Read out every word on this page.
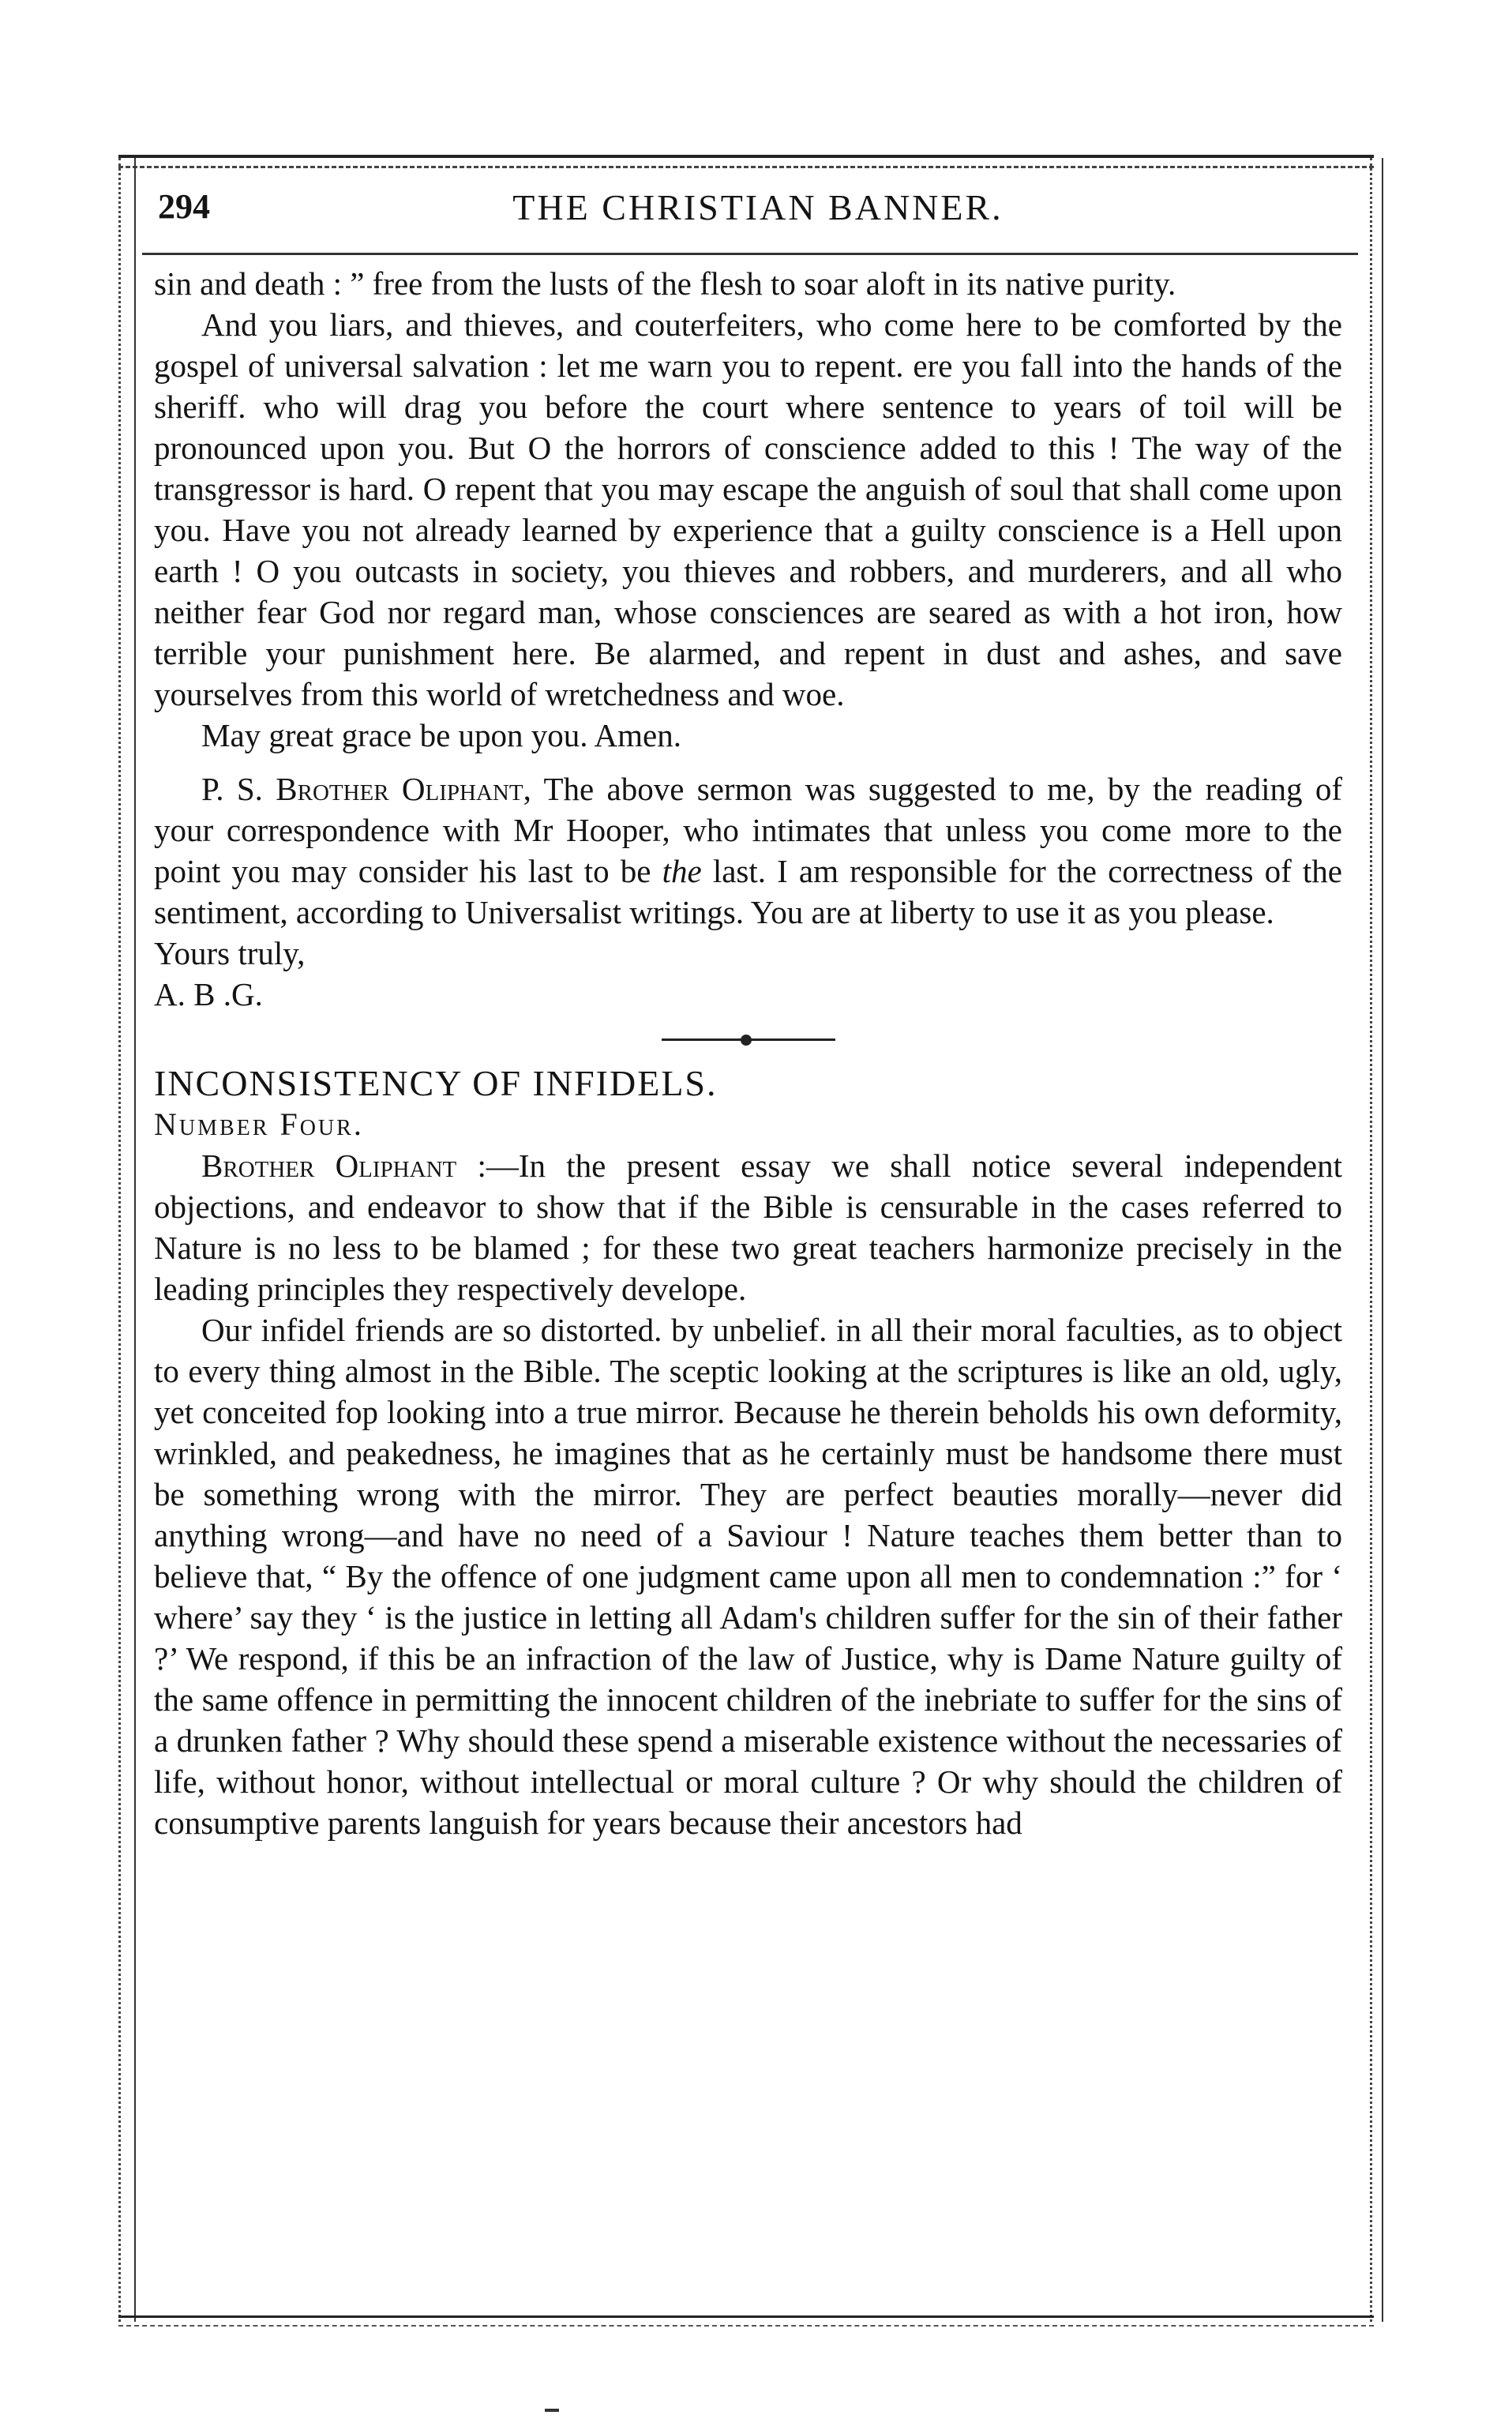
294	THE CHRISTIAN BANNER.

sin and death : ” free from the lusts of the flesh to soar aloft in its native purity.

And you liars, and thieves, and couterfeiters, who come here to be comforted by the gospel of universal salvation : let me warn you to repent. ere you fall into the hands of the sheriff. who will drag you before the court where sentence to years of toil will be pronounced upon you. But O the horrors of conscience added to this ! The way of the transgressor is hard. O repent that you may escape the anguish of soul that shall come upon you. Have you not already learned by experience that a guilty conscience is a Hell upon earth ! O you outcasts in society, you thieves and robbers, and murderers, and all who neither fear God nor regard man, whose consciences are seared as with a hot iron, how terrible your punishment here. Be alarmed, and repent in dust and ashes, and save yourselves from this world of wretchedness and woe.

May great grace be upon you. Amen.

P. S. Brother Oliphant, The above sermon was suggested to me, by the reading of your correspondence with Mr Hooper, who intimates that unless you come more to the point you may consider his last to be the last. I am responsible for the correctness of the sentiment, according to Universalist writings. You are at liberty to use it as you please.

Yours truly,

A. B .G.

INCONSISTENCY OF INFIDELS.

Number Four.

Brother Oliphant :—In the present essay we shall notice several independent objections, and endeavor to show that if the Bible is censurable in the cases referred to Nature is no less to be blamed ; for these two great teachers harmonize precisely in the leading principles they respectively develope.

Our infidel friends are so distorted. by unbelief. in all their moral faculties, as to object to every thing almost in the Bible. The sceptic looking at the scriptures is like an old, ugly, yet conceited fop looking into a true mirror. Because he therein beholds his own deformity, wrinkled, and peakedness, he imagines that as he certainly must be handsome there must be something wrong with the mirror. They are perfect beauties morally—never did anything wrong—and have no need of a Saviour ! Nature teaches them better than to believe that, “ By the offence of one judgment came upon all men to condemnation :” for ‘ where’ say they ‘ is the justice in letting all Adam's children suffer for the sin of their father ?’ We respond, if this be an infraction of the law of Justice, why is Dame Nature guilty of the same offence in permitting the innocent children of the inebriate to suffer for the sins of a drunken father ? Why should these spend a miserable existence without the necessaries of life, without honor, without intellectual or moral culture ? Or why should the children of consumptive parents languish for years because their ancestors had
